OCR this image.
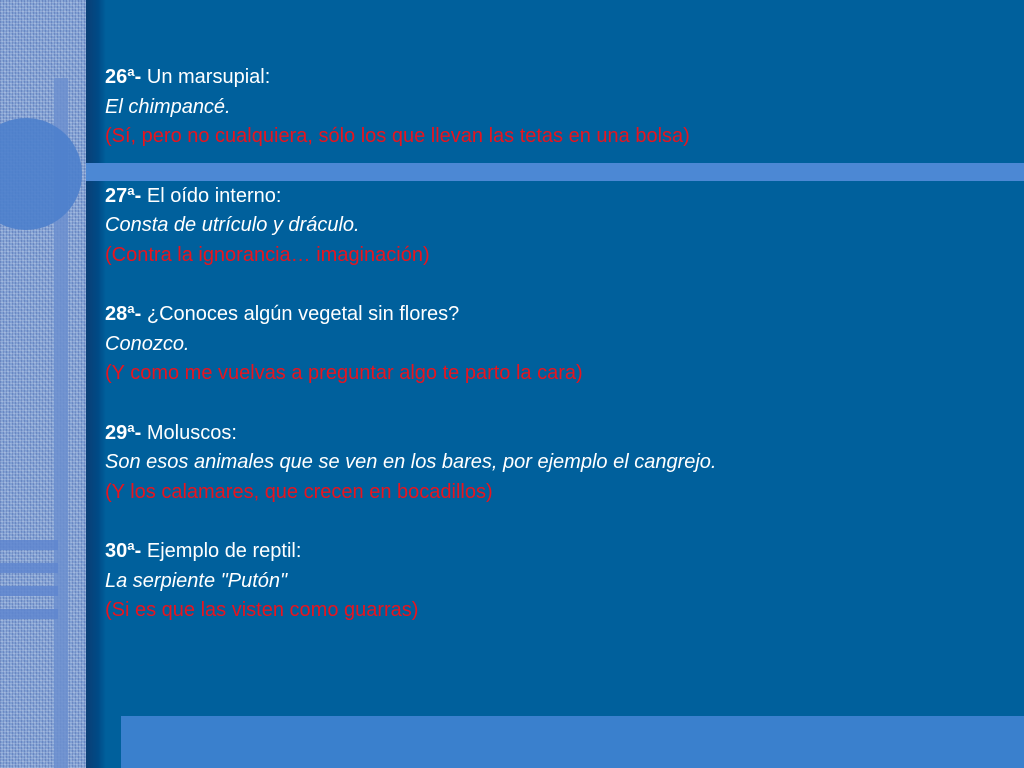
26ª- Un marsupial:
El chimpancé.
(Sí, pero no cualquiera, sólo los que llevan las tetas en una bolsa)
27ª- El oído interno:
Consta de utrículo y dráculo.
(Contra la ignorancia… imaginación)
28ª- ¿Conoces algún vegetal sin flores?
Conozco.
(Y como me vuelvas a preguntar algo te parto la cara)
29ª- Moluscos:
Son esos animales que se ven en los bares, por ejemplo el cangrejo.
(Y los calamares, que crecen en bocadillos)
30ª- Ejemplo de reptil:
La serpiente "Putón"
(Si es que las visten como guarras)
